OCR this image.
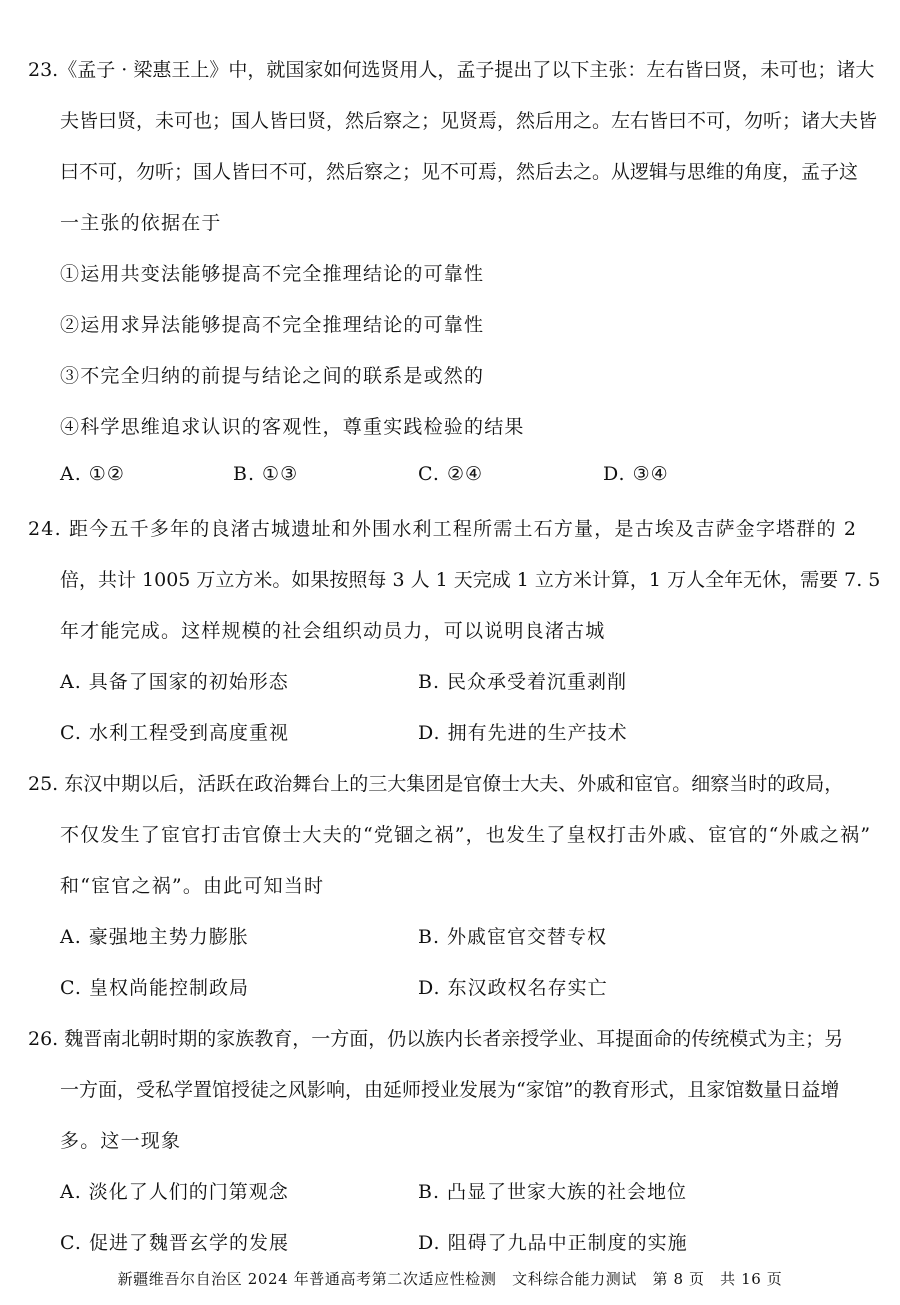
23.《孟子 · 梁惠王上》中，就国家如何选贤用人，孟子提出了以下主张：左右皆曰贤，未可也；诸大
夫皆曰贤，未可也；国人皆曰贤，然后察之；见贤焉，然后用之。左右皆曰不可，勿听；诸大夫皆
曰不可，勿听；国人皆曰不可，然后察之；见不可焉，然后去之。从逻辑与思维的角度，孟子这
一主张的依据在于
①运用共变法能够提高不完全推理结论的可靠性
②运用求异法能够提高不完全推理结论的可靠性
③不完全归纳的前提与结论之间的联系是或然的
④科学思维追求认识的客观性，尊重实践检验的结果
A. ①②	B. ①③	C. ②④	D. ③④
24. 距今五千多年的良渚古城遗址和外围水利工程所需土石方量，是古埃及吉萨金字塔群的 2
倍，共计 1005 万立方米。如果按照每 3 人 1 天完成 1 立方米计算，1 万人全年无休，需要 7. 5
年才能完成。这样规模的社会组织动员力，可以说明良渚古城
A. 具备了国家的初始形态	B. 民众承受着沉重剥削
C. 水利工程受到高度重视	D. 拥有先进的生产技术
25. 东汉中期以后，活跃在政治舞台上的三大集团是官僚士大夫、外戚和宦官。细察当时的政局，
不仅发生了宦官打击官僚士大夫的“党锢之祸”，也发生了皇权打击外戚、宦官的“外戚之祸”
和“宦官之祸”。由此可知当时
A. 豪强地主势力膨胀	B. 外戚宦官交替专权
C. 皇权尚能控制政局	D. 东汉政权名存实亡
26. 魏晋南北朝时期的家族教育，一方面，仍以族内长者亲授学业、耳提面命的传统模式为主；另
一方面，受私学置馆授徒之风影响，由延师授业发展为“家馆”的教育形式，且家馆数量日益增
多。这一现象
A. 淡化了人们的门第观念	B. 凸显了世家大族的社会地位
C. 促进了魏晋玄学的发展	D. 阻碍了九品中正制度的实施
新疆维吾尔自治区 2024 年普通高考第二次适应性检测　文科综合能力测试　第 8 页　共 16 页
